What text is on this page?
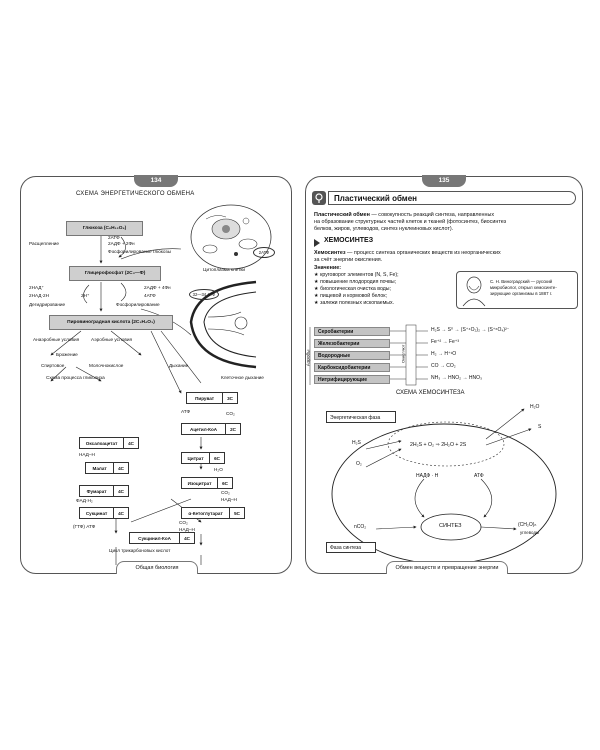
134
СХЕМА ЭНЕРГЕТИЧЕСКОГО ОБМЕНА
Цитоплазма клетки
2АТФ
32—34 АТФ
Клеточное дыхание
Глюкоза (C₆H₁₂O₆)
Расщепление
2АТФ
2АДФ + 2Фн
Фосфорилирование глюкозы
Глицерофосфат (2C₃—Ф)
2НАД⁺
2НАД·2Н	2Н⁺
Дегидрирование
2АДФ + 4Фн
4АТФ
Фосфорилирование
Пировиноградная кислота (2C₃H₄O₃)
Анаэробные условия	Аэробные условия
Брожение
Спиртовое	Молочнокислое	Дыхание
Схема процесса гликолиза
Пируват	3С
АТФ	CO₂
Ацетил-КоА	2С
Оксалоацетат	4С
НАД–Н
Малат	4С
Цитрат	6С
H₂O
Изоцитрат	6С
CO₂
НАД–Н
α-Кетоглутарат	5С
CO₂
НАД–Н
Фумарат	4С
ФАД·H₂
Сукцинат	4С
(ГТФ) АТФ
Сукцинил-КоА	4С
Цикл трикарбоновых кислот
Общая биология
135
Пластический обмен
Пластический обмен — совокупность реакций синтеза, направленных
на образование структурных частей клеток и тканей (фотосинтез, биосинтез
белков, жиров, углеводов, синтез нуклеиновых кислот).
ХЕМОСИНТЕЗ
Хемосинтез — процесс синтеза органических веществ из неорганических
за счёт энергии окисления.
Значение:
★ круговорот элементов (N, S, Fe);
★ повышение плодородия почвы;
★ биологическая очистка воды;
★ пищевой и кормовой белок;
★ залежи полезных ископаемых.
С. Н. Виноградский — русский
микробиолог, открыл хемосинте-
зирующие организмы в 1887 г.
Аэробы	Окисляют
Серобактерии	H₂S → S⁰ → (S⁺⁴O₂)₂ → (S⁺⁶O₄)²⁻
Железобактерии	Fe⁺² → Fe⁺³
Водородные	H₂ → H⁺¹O
Карбоксидобактерии	CO → CO₂
Нитрифицирующие	NH₃ → HNO₂ → HNO₃
СХЕМА ХЕМОСИНТЕЗА
Энергетическая фаза
H₂S
O₂
2H₂S + O₂ ⇒ 2H₂O + 2S
H₂O
S
НАДФ · Н	АТФ
СИНТЕЗ
nCO₂	(CH₂O)ₙ
углеводы
Фаза синтеза
Обмен веществ и превращение энергии
